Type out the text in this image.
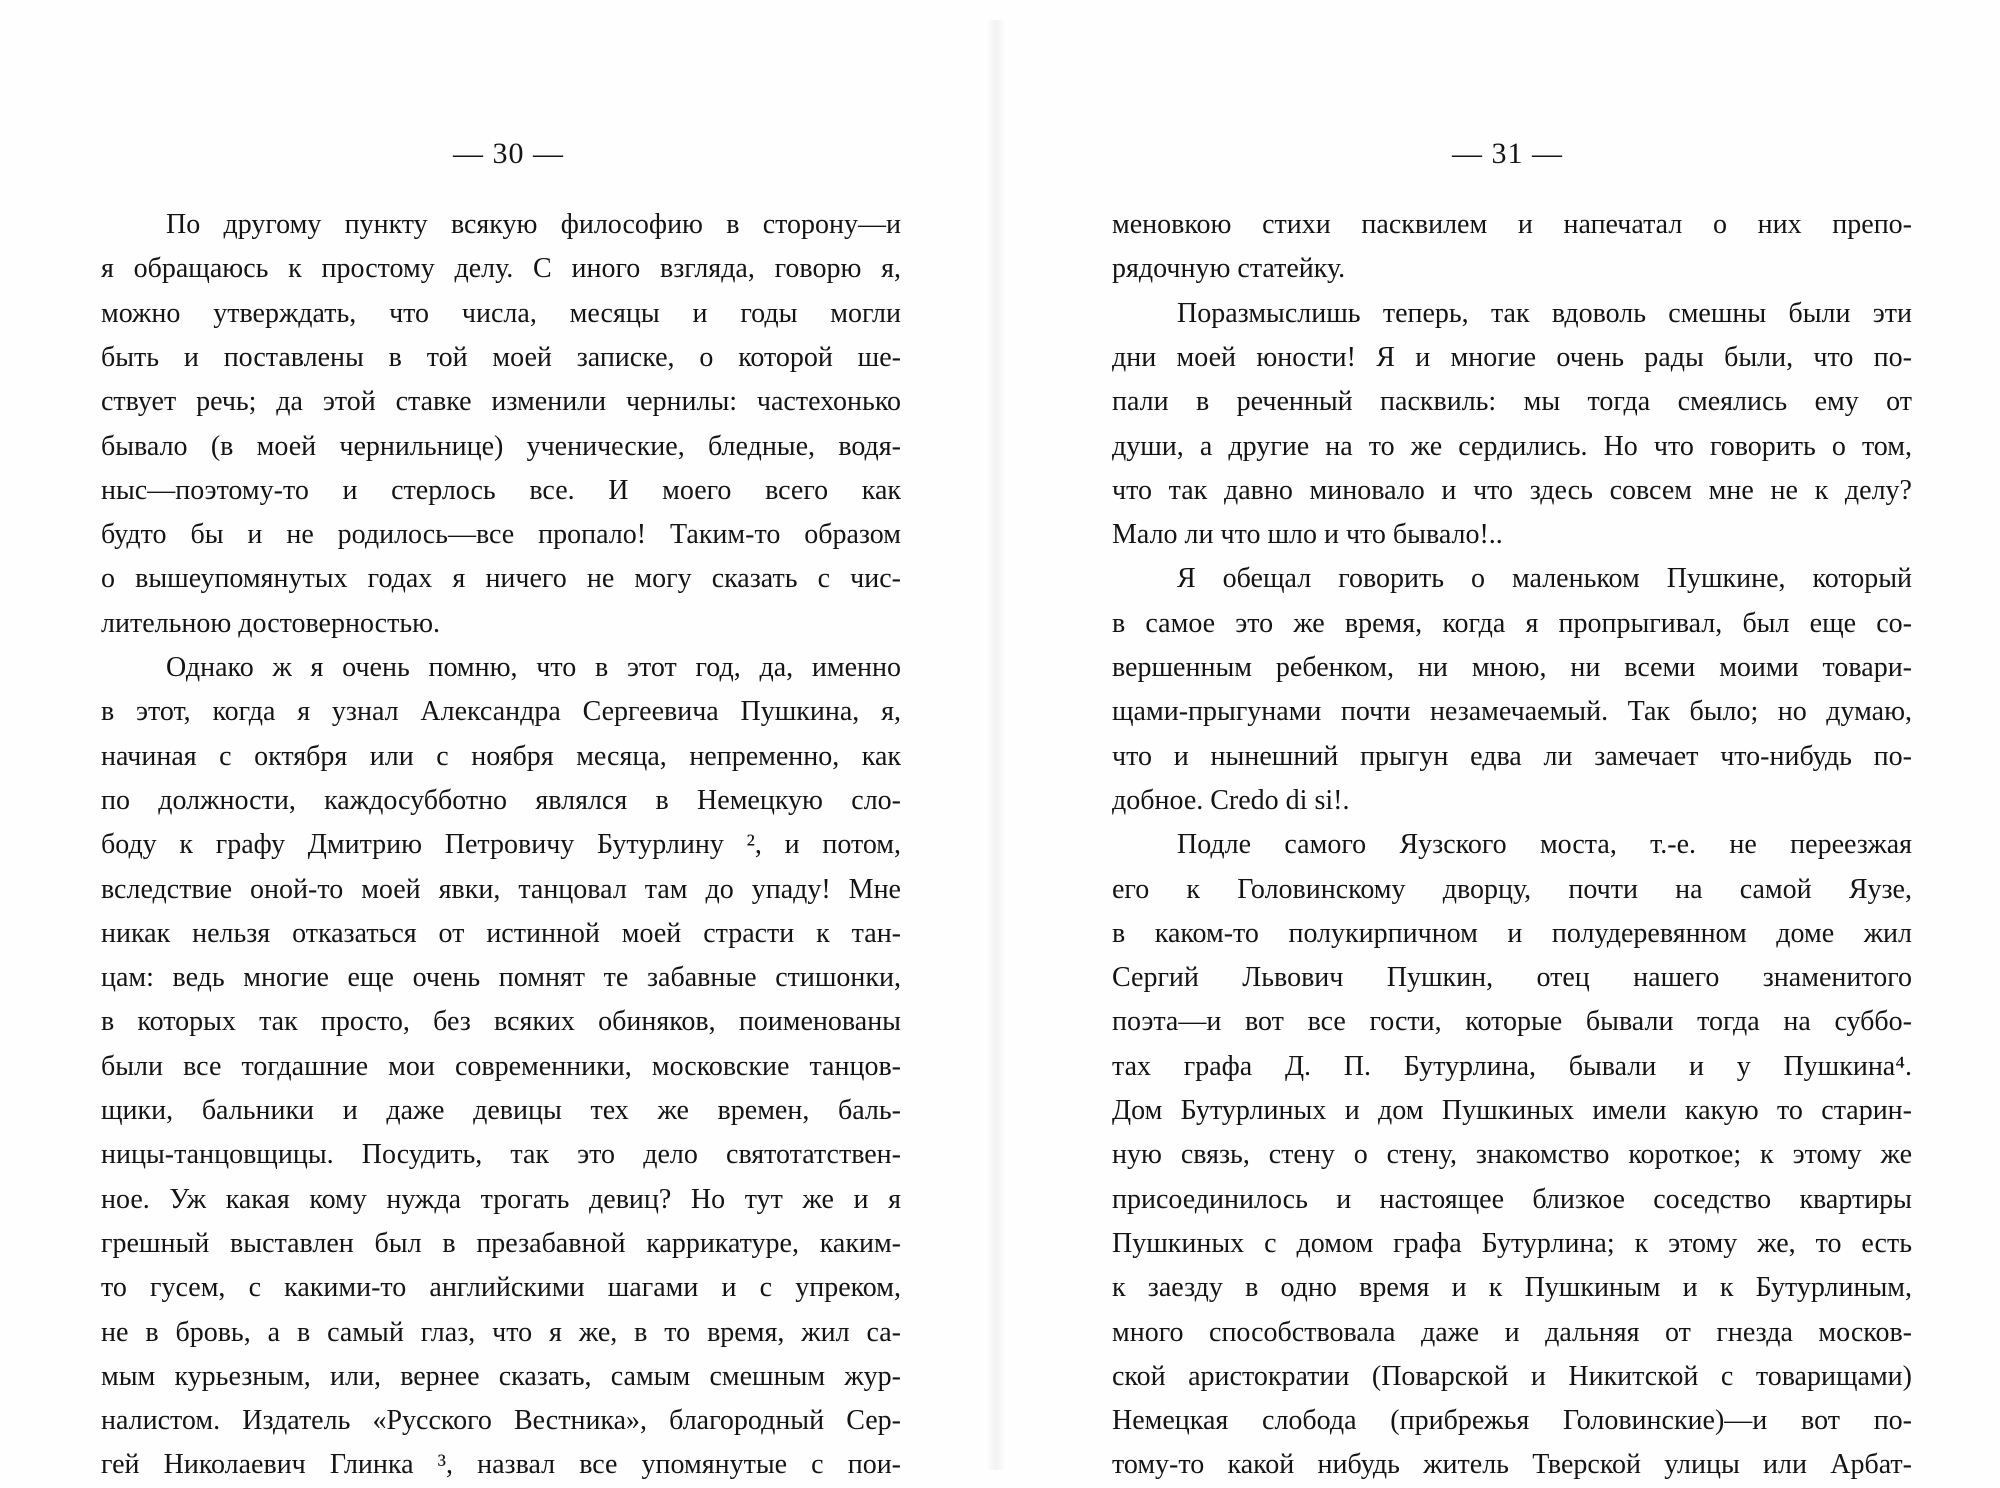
— 30 —
По другому пункту всякую философию в сторону—и
я обращаюсь к простому делу. С иного взгляда, говорю я,
можно утверждать, что числа, месяцы и годы могли
быть и поставлены в той моей записке, о которой ше-
ствует речь; да этой ставке изменили чернилы: частехонько
бывало (в моей чернильнице) ученические, бледные, водя-
ныс—поэтому-то и стерлось все. И моего всего как
будто бы и не родилось—все пропало! Таким-то образом
о вышеупомянутых годах я ничего не могу сказать с чис-
лительною достоверностью.
Однако ж я очень помню, что в этот год, да, именно
в этот, когда я узнал Александра Сергеевича Пушкина, я,
начиная с октября или с ноября месяца, непременно, как
по должности, каждосубботно являлся в Немецкую сло-
боду к графу Дмитрию Петровичу Бутурлину ², и потом,
вследствие оной-то моей явки, танцовал там до упаду! Мне
никак нельзя отказаться от истинной моей страсти к тан-
цам: ведь многие еще очень помнят те забавные стишонки,
в которых так просто, без всяких обиняков, поименованы
были все тогдашние мои современники, московские танцов-
щики, бальники и даже девицы тех же времен, баль-
ницы-танцовщицы. Посудить, так это дело святотатствен-
ное. Уж какая кому нужда трогать девиц? Но тут же и я
грешный выставлен был в презабавной каррикатуре, каким-
то гусем, с какими-то английскими шагами и с упреком,
не в бровь, а в самый глаз, что я же, в то время, жил са-
мым курьезным, или, вернее сказать, самым смешным жур-
налистом. Издатель «Русского Вестника», благородный Сер-
гей Николаевич Глинка ³, назвал все упомянутые с пои-
— 31 —
меновкою стихи пасквилем и напечатал о них препо-
рядочную статейку.
Поразмыслишь теперь, так вдоволь смешны были эти
дни моей юности! Я и многие очень рады были, что по-
пали в реченный пасквиль: мы тогда смеялись ему от
души, а другие на то же сердились. Но что говорить о том,
что так давно миновало и что здесь совсем мне не к делу?
Мало ли что шло и что бывало!..
Я обещал говорить о маленьком Пушкине, который
в самое это же время, когда я пропрыгивал, был еще со-
вершенным ребенком, ни мною, ни всеми моими товари-
щами-прыгунами почти незамечаемый. Так было; но думаю,
что и нынешний прыгун едва ли замечает что-нибудь по-
добное. Credo di si!.
Подле самого Яузского моста, т.-е. не переезжая
его к Головинскому дворцу, почти на самой Яузе,
в каком-то полукирпичном и полудеревянном доме жил
Сергий Львович Пушкин, отец нашего знаменитого
поэта—и вот все гости, которые бывали тогда на суббо-
тах графа Д. П. Бутурлина, бывали и у Пушкина⁴.
Дом Бутурлиных и дом Пушкиных имели какую то старин-
ную связь, стену о стену, знакомство короткое; к этому же
присоединилось и настоящее близкое соседство квартиры
Пушкиных с домом графа Бутурлина; к этому же, то есть
к заезду в одно время и к Пушкиным и к Бутурлиным,
много способствовала даже и дальняя от гнезда москов-
ской аристократии (Поварской и Никитской с товарищами)
Немецкая слобода (прибрежья Головинские)—и вот по-
тому-то какой нибудь житель Тверской улицы или Арбат-
